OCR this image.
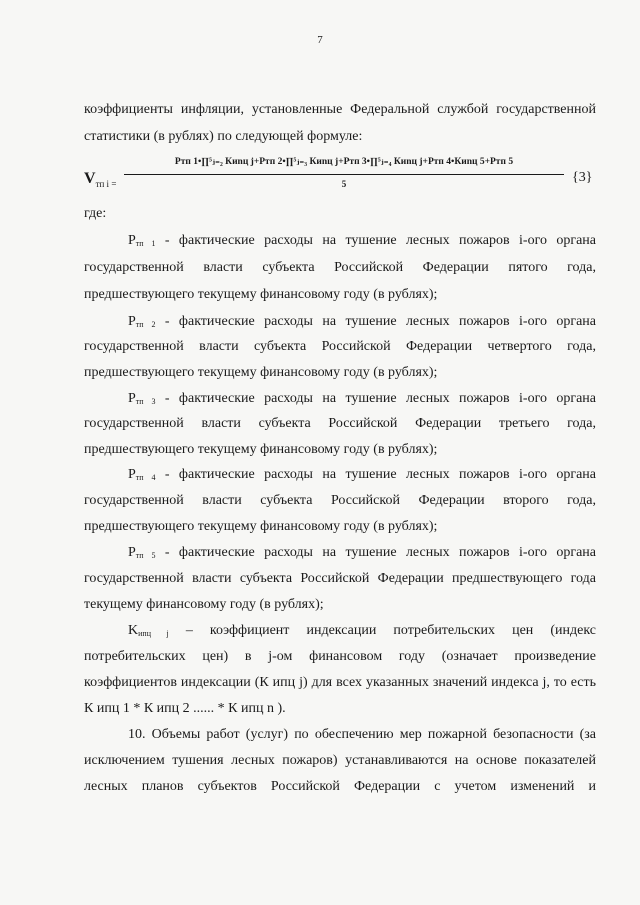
7
коэффициенты инфляции, установленные Федеральной службой государственной
статистики (в рублях) по следующей формуле:
$V_{тп i =}$
Pтп 1•∏⁵ⱼ₌₂ Киnц j+Pтп 2•∏⁵ⱼ₌₃ Киnц j+Pтп 3•∏⁵ⱼ₌₄ Киnц j+Pтп 4•Киnц 5+Pтп 5
5	{3}
где:
$P_{тп 1}$ - фактические расходы на тушение лесных пожаров i-ого органа
государственной власти субъекта Российской Федерации пятого года,
предшествующего текущему финансовому году (в рублях);
$P_{тп 2}$ - фактические расходы на тушение лесных пожаров i-ого органа
государственной власти субъекта Российской Федерации четвертого года,
предшествующего текущему финансовому году (в рублях);
$P_{тп 3}$ - фактические расходы на тушение лесных пожаров i-ого органа
государственной власти субъекта Российской Федерации третьего года,
предшествующего текущему финансовому году (в рублях);
$P_{тп 4}$ - фактические расходы на тушение лесных пожаров i-ого органа
государственной власти субъекта Российской Федерации второго года,
предшествующего текущему финансовому году (в рублях);
$P_{тп 5}$ - фактические расходы на тушение лесных пожаров i-ого органа
государственной власти субъекта Российской Федерации предшествующего года
текущему финансовому году (в рублях);
$K_{ипц j}$ – коэффициент индексации потребительских цен (индекс
потребительских цен) в j-ом финансовом году (означает произведение
коэффициентов индексации (К ипц j) для всех указанных значений индекса j, то есть
К ипц 1 * К ипц 2 ...... * К ипц n ).
10. Объемы работ (услуг) по обеспечению мер пожарной безопасности (за
исключением тушения лесных пожаров) устанавливаются на основе показателей
лесных планов субъектов Российской Федерации с учетом изменений и
